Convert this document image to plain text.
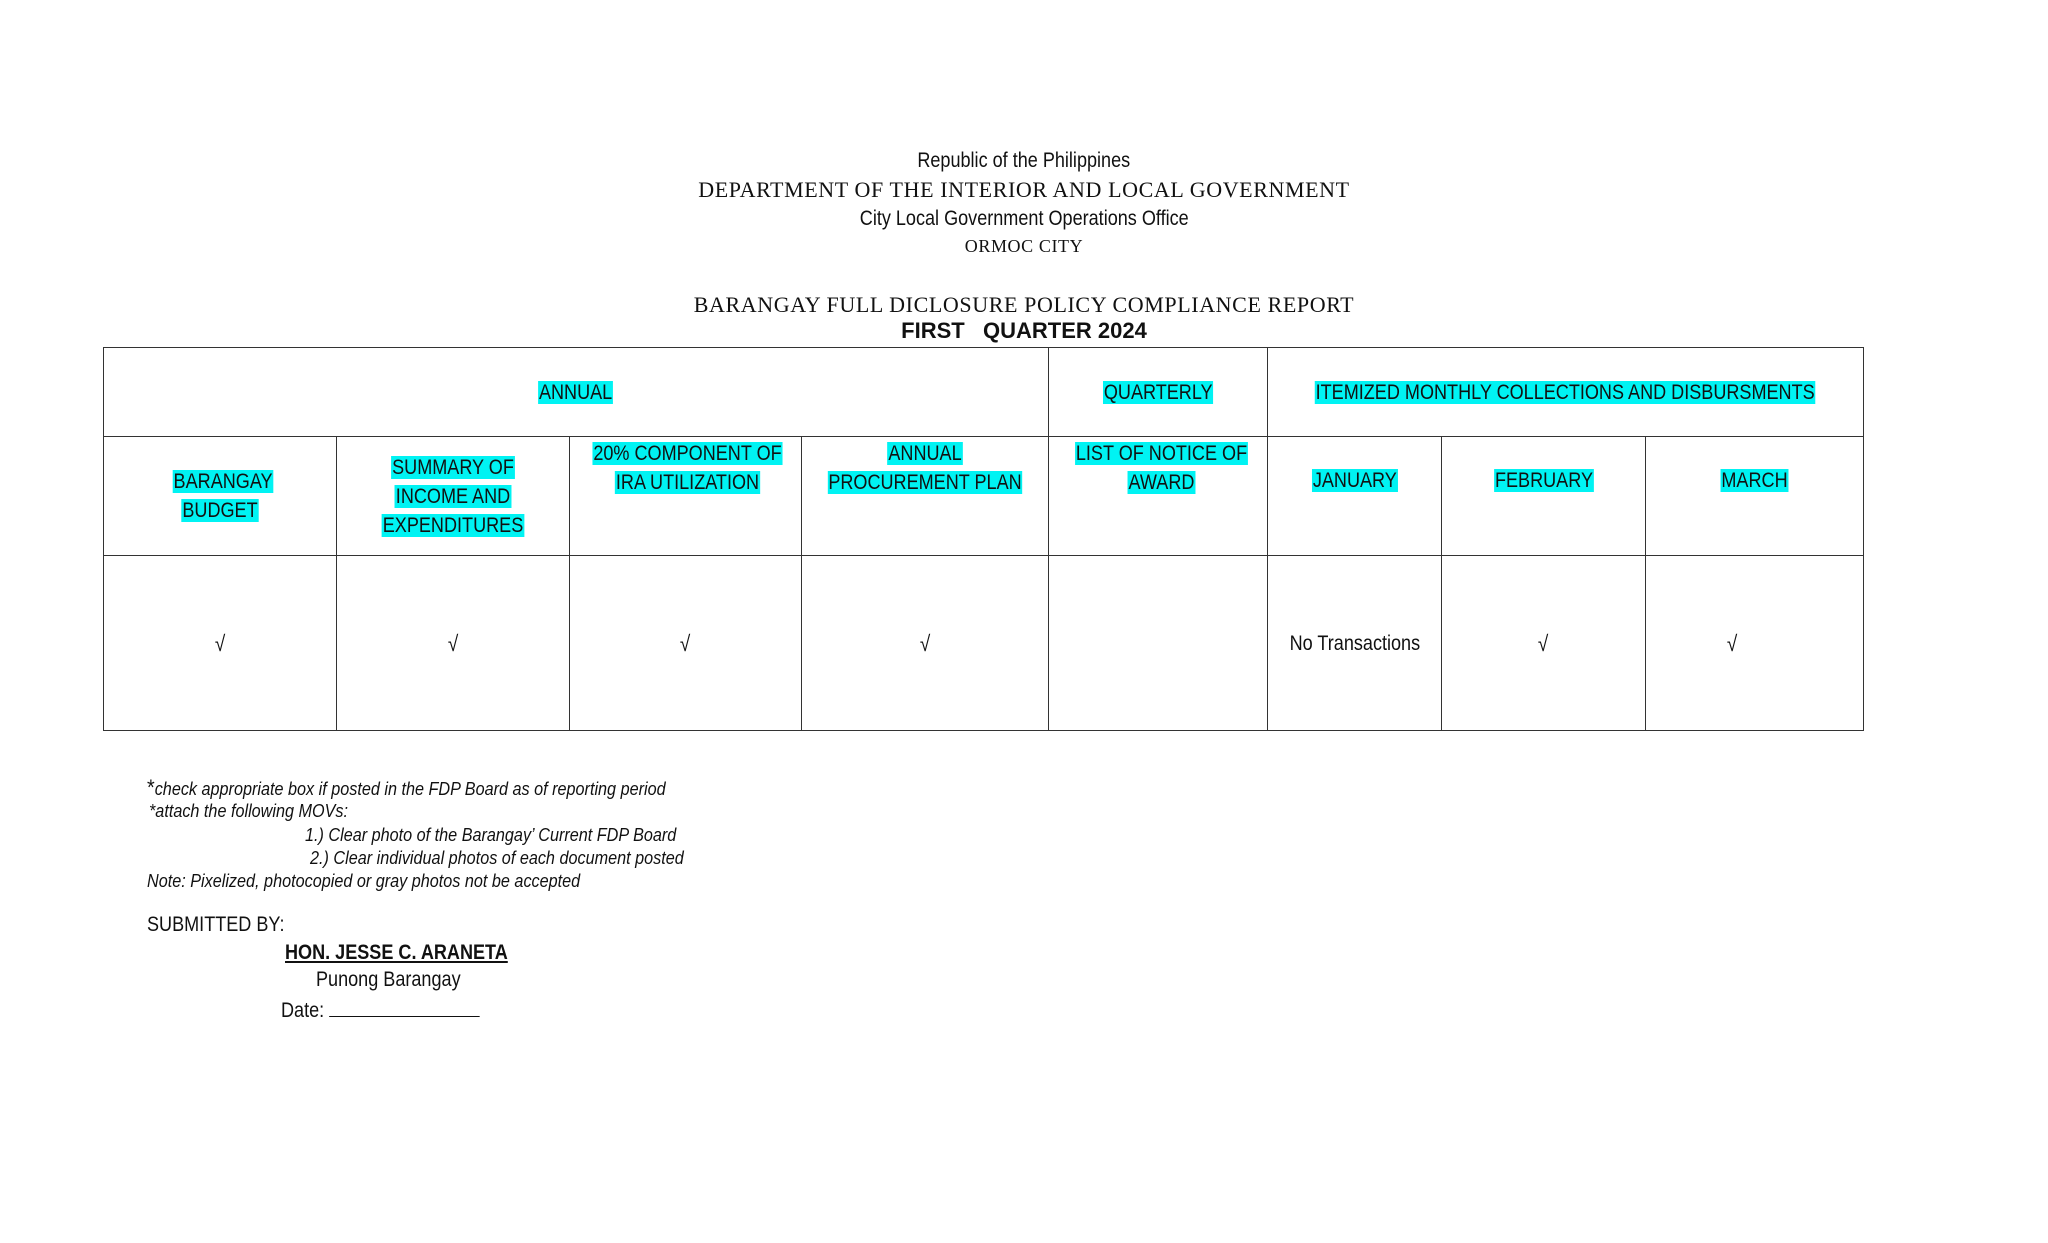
Republic of the Philippines
DEPARTMENT OF THE INTERIOR AND LOCAL GOVERNMENT
City Local Government Operations Office
ORMOC CITY
BARANGAY FULL DICLOSURE POLICY COMPLIANCE REPORT
FIRST   QUARTER 2024
ANNUAL				QUARTERLY	ITEMIZED MONTHLY COLLECTIONS AND DISBURSMENTS		
BARANGAY BUDGET	SUMMARY OF INCOME AND EXPENDITURES	20% COMPONENT OF IRA UTILIZATION	ANNUAL PROCUREMENT PLAN	LIST OF NOTICE OF AWARD	JANUARY	FEBRUARY	MARCH
√	√	√	√		No Transactions	√	√
*check appropriate box if posted in the FDP Board as of reporting period
*attach the following MOVs:
1.) Clear photo of the Barangay’ Current FDP Board
2.) Clear individual photos of each document posted
Note: Pixelized, photocopied or gray photos not be accepted
SUBMITTED BY:
HON. JESSE C. ARANETA
Punong Barangay
Date:
